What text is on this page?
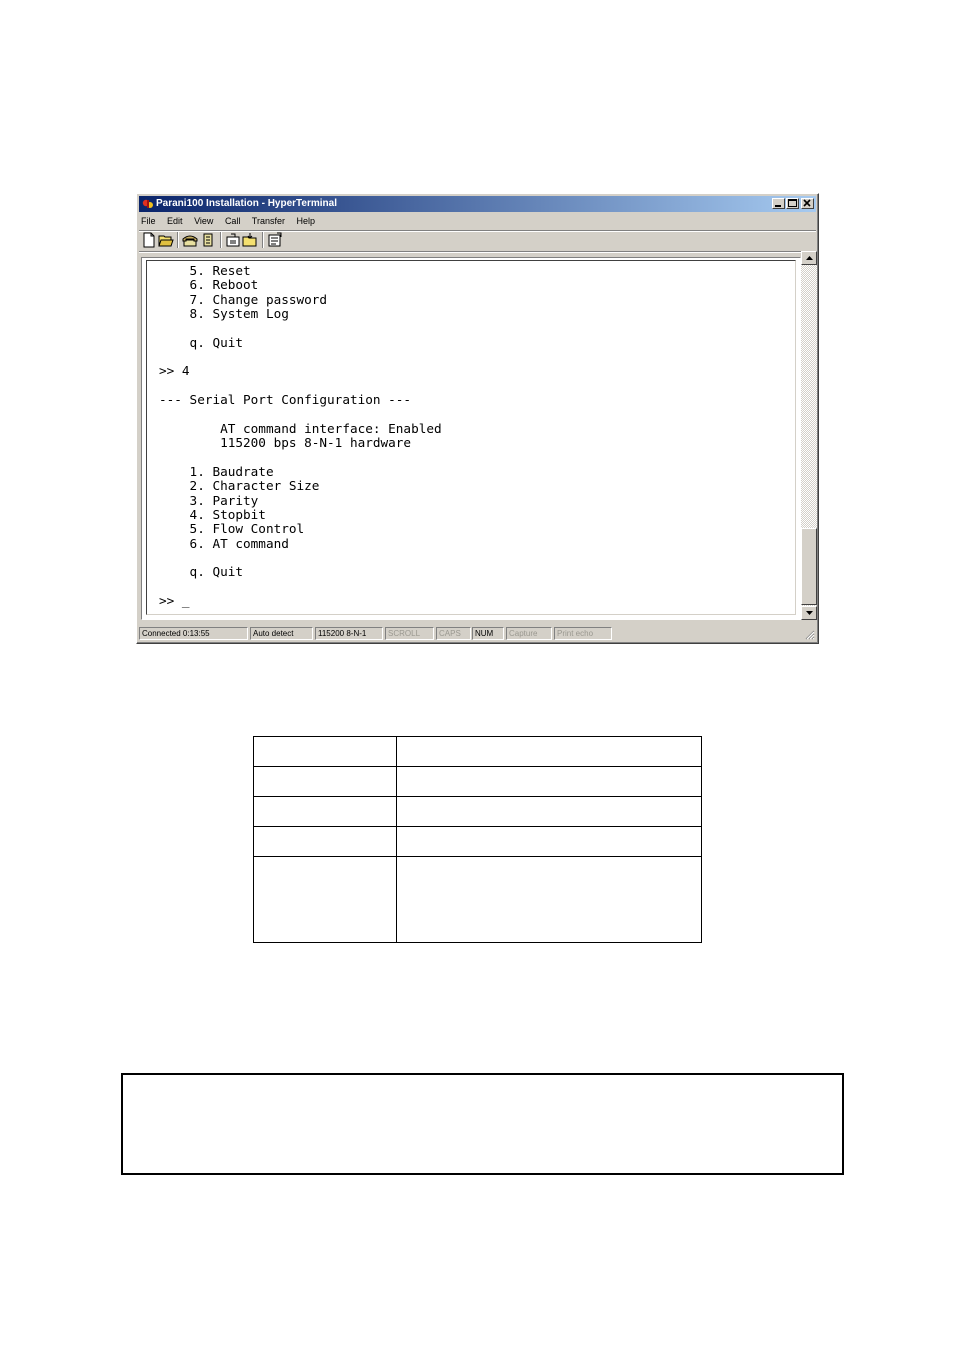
Parani100 Installation - HyperTerminal
File Edit View Call Transfer Help
5. Reset
6. Reboot
7. Change password
8. System Log

q. Quit

>> 4

--- Serial Port Configuration ---

AT command interface: Enabled
115200 bps 8-N-1 hardware

1. Baudrate
2. Character Size
3. Parity
4. Stopbit
5. Flow Control
6. AT command

q. Quit

>> _
Connected 0:13:55	Auto detect	115200 8-N-1	SCROLL	CAPS	NUM	Capture	Print echo
